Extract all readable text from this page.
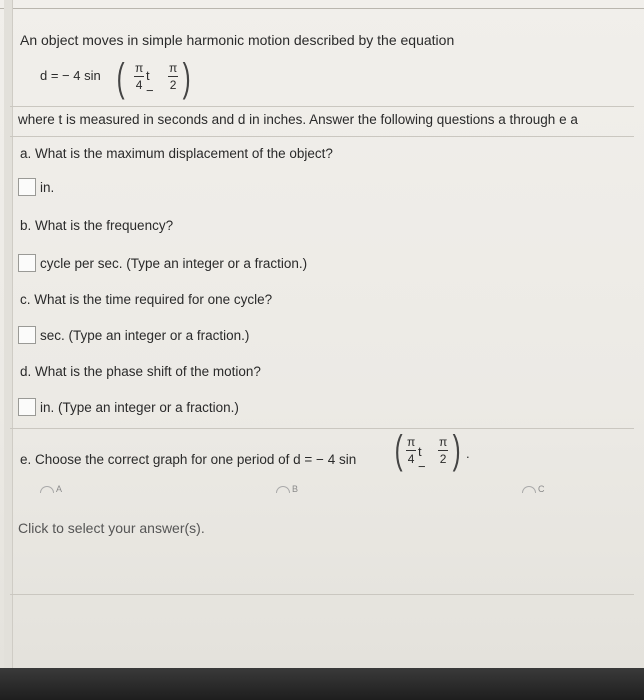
An object moves in simple harmonic motion described by the equation
d = − 4 sin ( $\frac{\pi}{4}$ $t - \frac{\pi}{2}$ )
where t is measured in seconds and d in inches. Answer the following questions a through e a
a. What is the maximum displacement of the object?
in.
b. What is the frequency?
cycle per sec. (Type an integer or a fraction.)
c. What is the time required for one cycle?
sec. (Type an integer or a fraction.)
d. What is the phase shift of the motion?
in. (Type an integer or a fraction.)
e. Choose the correct graph for one period of d = − 4 sin ( $\frac{\pi}{4}$ $t - \frac{\pi}{2}$ ) .
A	B	C
Click to select your answer(s).
